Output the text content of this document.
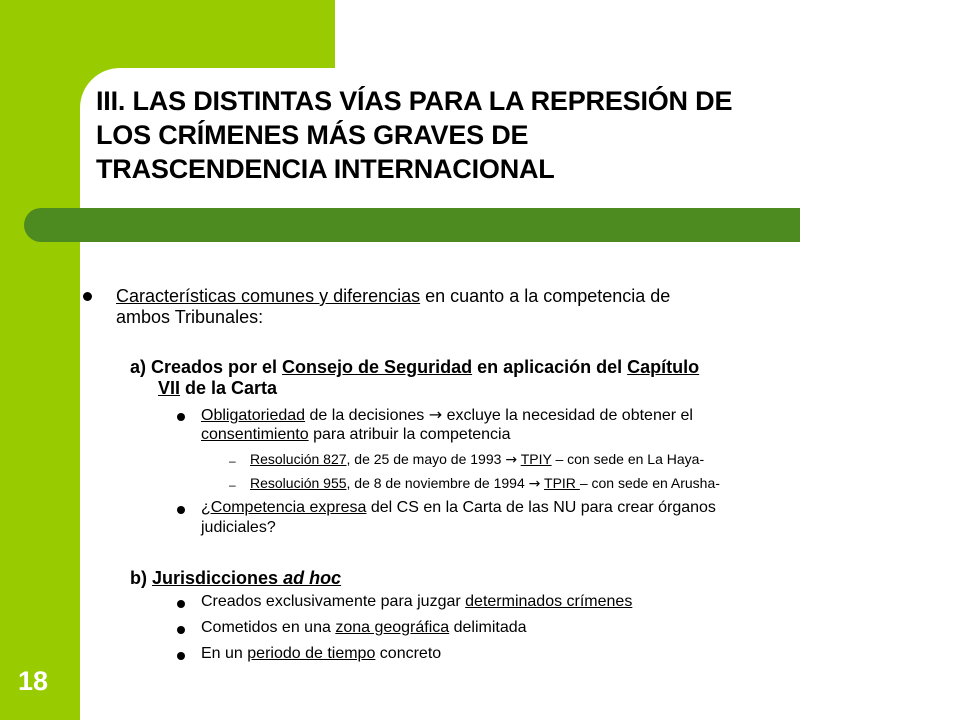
III. LAS DISTINTAS VÍAS PARA LA REPRESIÓN DE
LOS CRÍMENES MÁS GRAVES DE
TRASCENDENCIA INTERNACIONAL
18
Características comunes y diferencias en cuanto a la competencia de
ambos Tribunales:
a) Creados por el Consejo de Seguridad en aplicación del Capítulo
VII de la Carta
Obligatoriedad de la decisiones → excluye la necesidad de obtener el
consentimiento para atribuir la competencia
– Resolución 827, de 25 de mayo de 1993 → TPIY – con sede en La Haya-
– Resolución 955, de 8 de noviembre de 1994 → TPIR – con sede en Arusha-
¿Competencia expresa del CS en la Carta de las NU para crear órganos
judiciales?
b) Jurisdicciones ad hoc
Creados exclusivamente para juzgar determinados crímenes
Cometidos en una zona geográfica delimitada
En un periodo de tiempo concreto
